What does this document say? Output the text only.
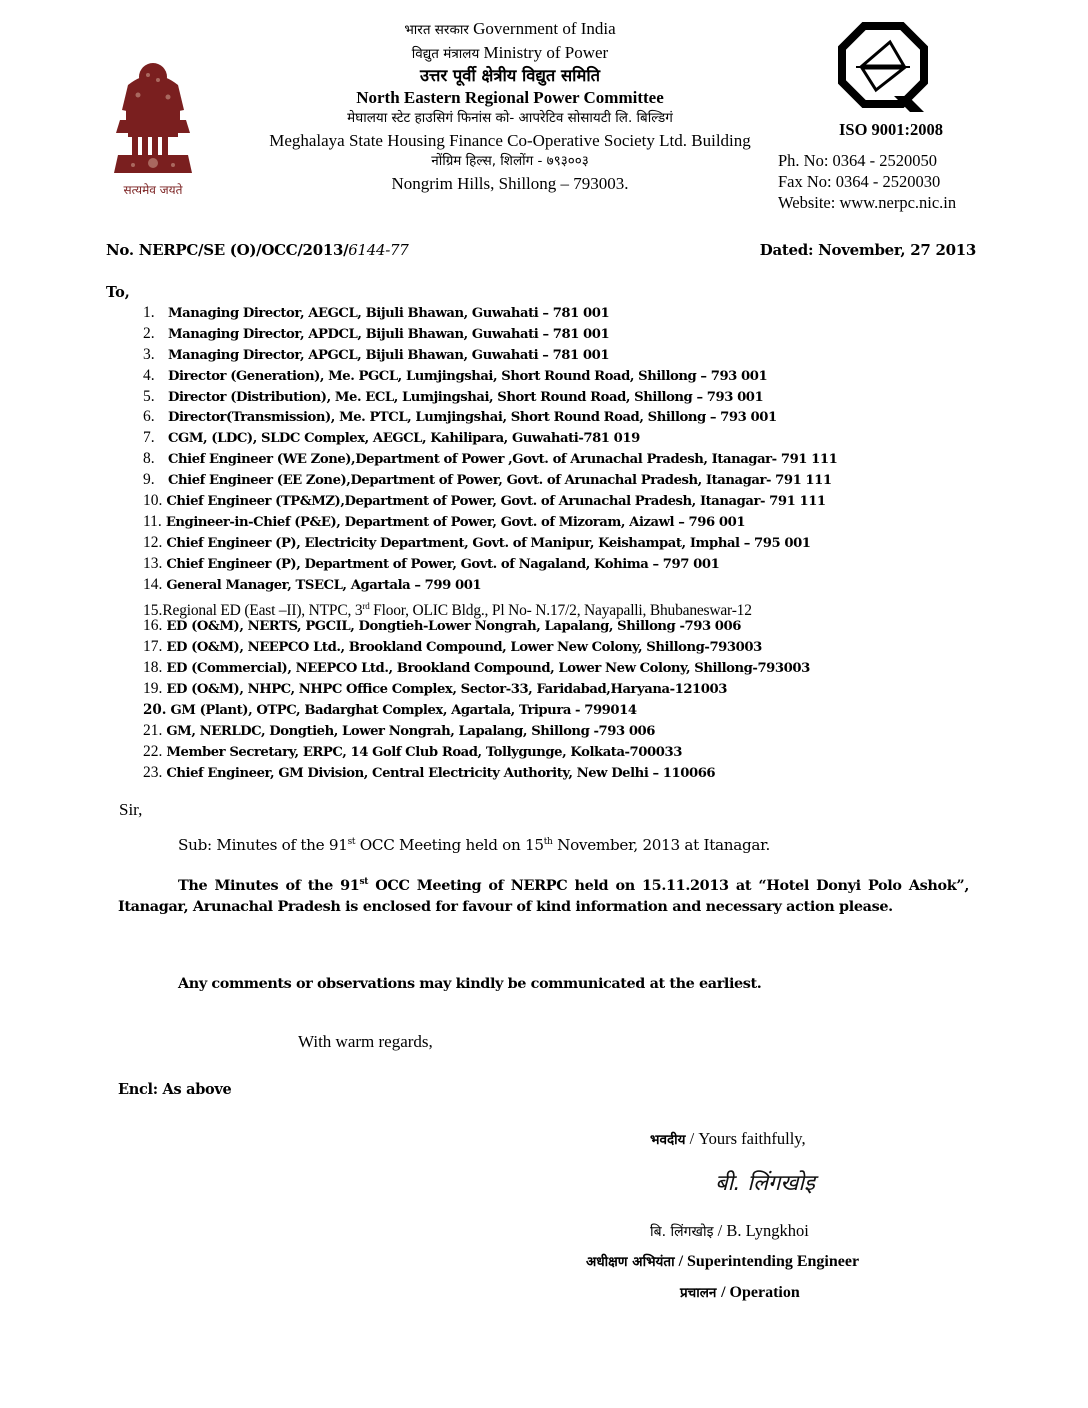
सत्यमेव जयते
भारत सरकार Government of India
विद्युत मंत्रालय Ministry of Power
उत्तर पूर्वी क्षेत्रीय विद्युत समिति
North Eastern Regional Power Committee
मेघालया स्टेट हाउसिगं फिनांस को- आपरेटिव सोसायटी लि. बिल्डिगं
Meghalaya State Housing Finance Co-Operative Society Ltd. Building
नोंग्रिम हिल्स, शिलोंग - ७९३००३
Nongrim Hills, Shillong – 793003.
ISO 9001:2008
Ph. No: 0364 - 2520050
Fax No: 0364 - 2520030
Website: www.nerpc.nic.in
No. NERPC/SE (O)/OCC/2013/6144-77	Dated: November, 27 2013
To,
1. Managing Director, AEGCL, Bijuli Bhawan, Guwahati – 781 001
2. Managing Director, APDCL, Bijuli Bhawan, Guwahati – 781 001
3. Managing Director, APGCL, Bijuli Bhawan, Guwahati – 781 001
4. Director (Generation), Me. PGCL, Lumjingshai, Short Round Road, Shillong – 793 001
5. Director (Distribution), Me. ECL, Lumjingshai, Short Round Road, Shillong – 793 001
6. Director(Transmission), Me. PTCL, Lumjingshai, Short Round Road, Shillong – 793 001
7. CGM, (LDC), SLDC Complex, AEGCL, Kahilipara, Guwahati-781 019
8. Chief Engineer (WE Zone),Department of Power ,Govt. of Arunachal Pradesh, Itanagar- 791 111
9. Chief Engineer (EE Zone),Department of Power, Govt. of Arunachal Pradesh, Itanagar- 791 111
10. Chief Engineer (TP&MZ),Department of Power, Govt. of Arunachal Pradesh, Itanagar- 791 111
11. Engineer-in-Chief (P&E), Department of Power, Govt. of Mizoram, Aizawl – 796 001
12. Chief Engineer (P), Electricity Department, Govt. of Manipur, Keishampat, Imphal – 795 001
13. Chief Engineer (P), Department of Power, Govt. of Nagaland, Kohima – 797 001
14. General Manager, TSECL, Agartala – 799 001
15.Regional ED (East –II), NTPC, 3rd Floor, OLIC Bldg., Pl No- N.17/2, Nayapalli, Bhubaneswar-12
16. ED (O&M), NERTS, PGCIL, Dongtieh-Lower Nongrah, Lapalang, Shillong -793 006
17. ED (O&M), NEEPCO Ltd., Brookland Compound, Lower New Colony, Shillong-793003
18. ED (Commercial), NEEPCO Ltd., Brookland Compound, Lower New Colony, Shillong-793003
19. ED (O&M), NHPC, NHPC Office Complex, Sector-33, Faridabad,Haryana-121003
20. GM (Plant), OTPC, Badarghat Complex, Agartala, Tripura - 799014
21. GM, NERLDC, Dongtieh, Lower Nongrah, Lapalang, Shillong -793 006
22. Member Secretary, ERPC, 14 Golf Club Road, Tollygunge, Kolkata-700033
23. Chief Engineer, GM Division, Central Electricity Authority, New Delhi – 110066
Sir,
Sub: Minutes of the 91st OCC Meeting held on 15th November, 2013 at Itanagar.
The Minutes of the 91st OCC Meeting of NERPC held on 15.11.2013 at “Hotel Donyi Polo Ashok”, Itanagar, Arunachal Pradesh is enclosed for favour of kind information and necessary action please.
Any comments or observations may kindly be communicated at the earliest.
With warm regards,
Encl: As above
भवदीय / Yours faithfully,
बी. लिंगखोइ
बि. लिंगखोइ / B. Lyngkhoi
अधीक्षण अभियंता / Superintending Engineer
प्रचालन / Operation
